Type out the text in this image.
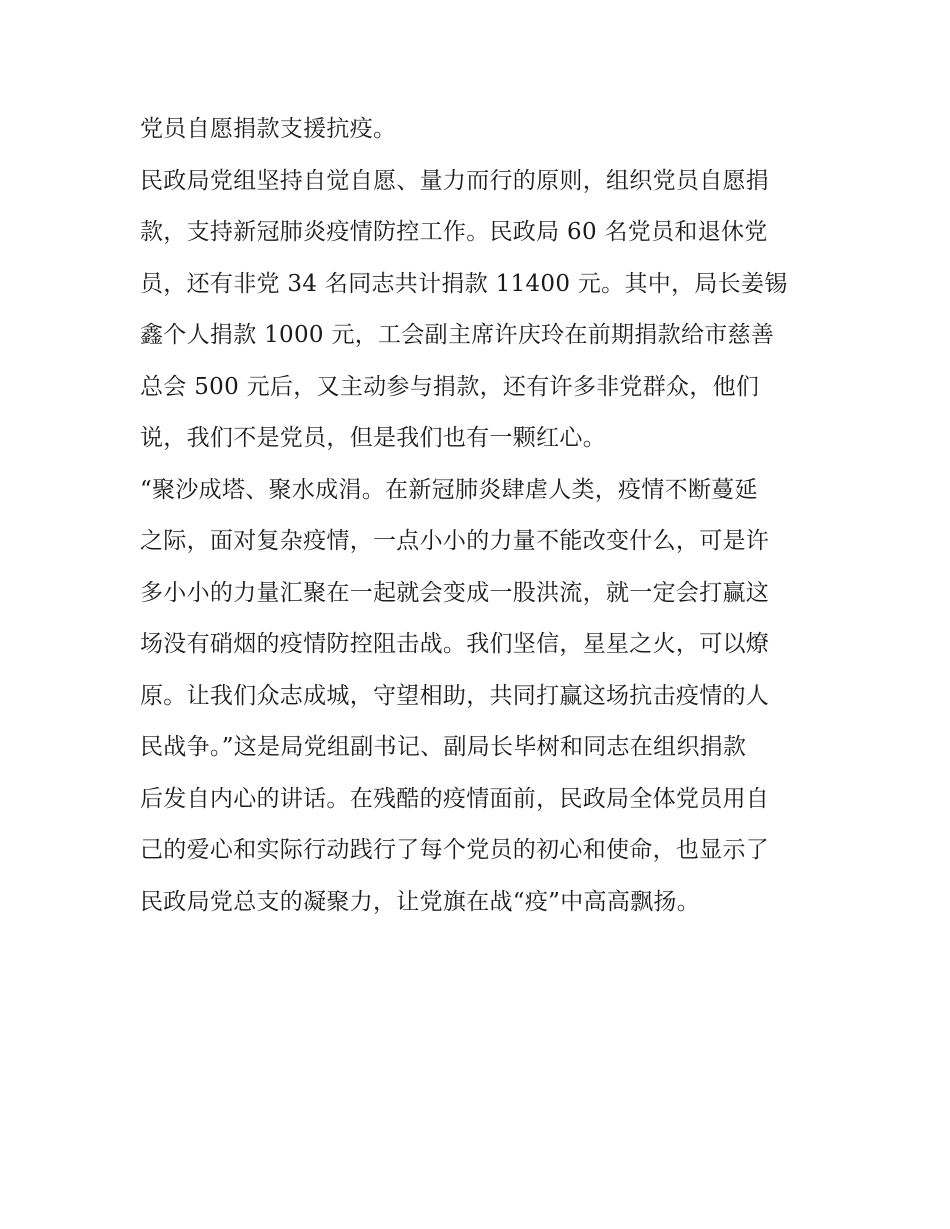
党员自愿捐款支援抗疫。
民政局党组坚持自觉自愿、量力而行的原则，组织党员自愿捐
款，支持新冠肺炎疫情防控工作。民政局 60 名党员和退休党
员，还有非党 34 名同志共计捐款 11400 元。其中，局长姜锡
鑫个人捐款 1000 元，工会副主席许庆玲在前期捐款给市慈善
总会 500 元后，又主动参与捐款，还有许多非党群众，他们
说，我们不是党员，但是我们也有一颗红心。
“聚沙成塔、聚水成涓。在新冠肺炎肆虐人类，疫情不断蔓延
之际，面对复杂疫情，一点小小的力量不能改变什么，可是许
多小小的力量汇聚在一起就会变成一股洪流，就一定会打赢这
场没有硝烟的疫情防控阻击战。我们坚信，星星之火，可以燎
原。让我们众志成城，守望相助，共同打赢这场抗击疫情的人
民战争。”这是局党组副书记、副局长毕树和同志在组织捐款
后发自内心的讲话。在残酷的疫情面前，民政局全体党员用自
己的爱心和实际行动践行了每个党员的初心和使命，也显示了
民政局党总支的凝聚力，让党旗在战“疫”中高高飘扬。
